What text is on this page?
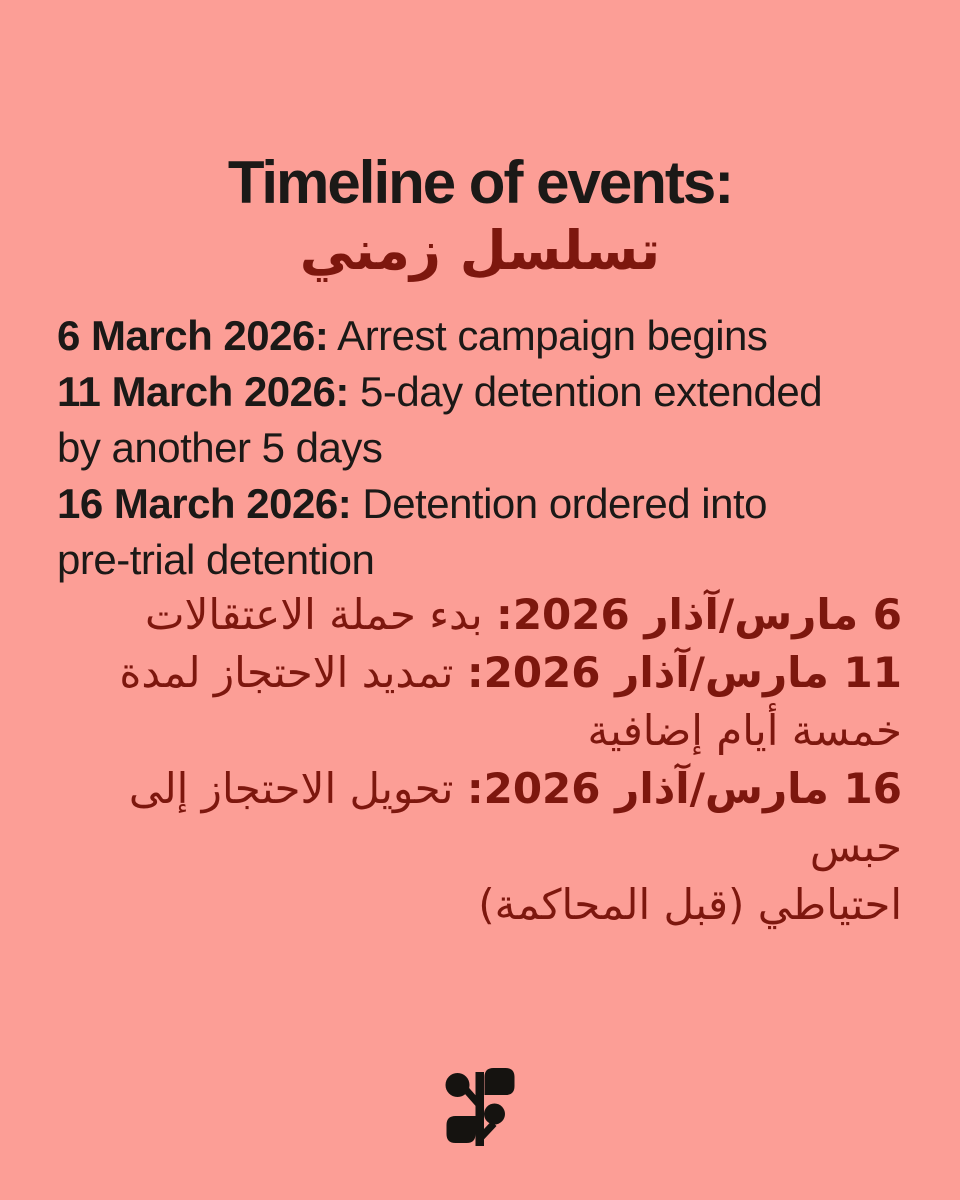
Timeline of events:
تسلسل زمني
6 March 2026: Arrest campaign begins
11 March 2026: 5-day detention extended
by another 5 days
16 March 2026: Detention ordered into
pre-trial detention
6 مارس/آذار 2026: بدء حملة الاعتقالات
11 مارس/آذار 2026: تمديد الاحتجاز لمدة
خمسة أيام إضافية
16 مارس/آذار 2026: تحويل الاحتجاز إلى حبس
احتياطي (قبل المحاكمة)
